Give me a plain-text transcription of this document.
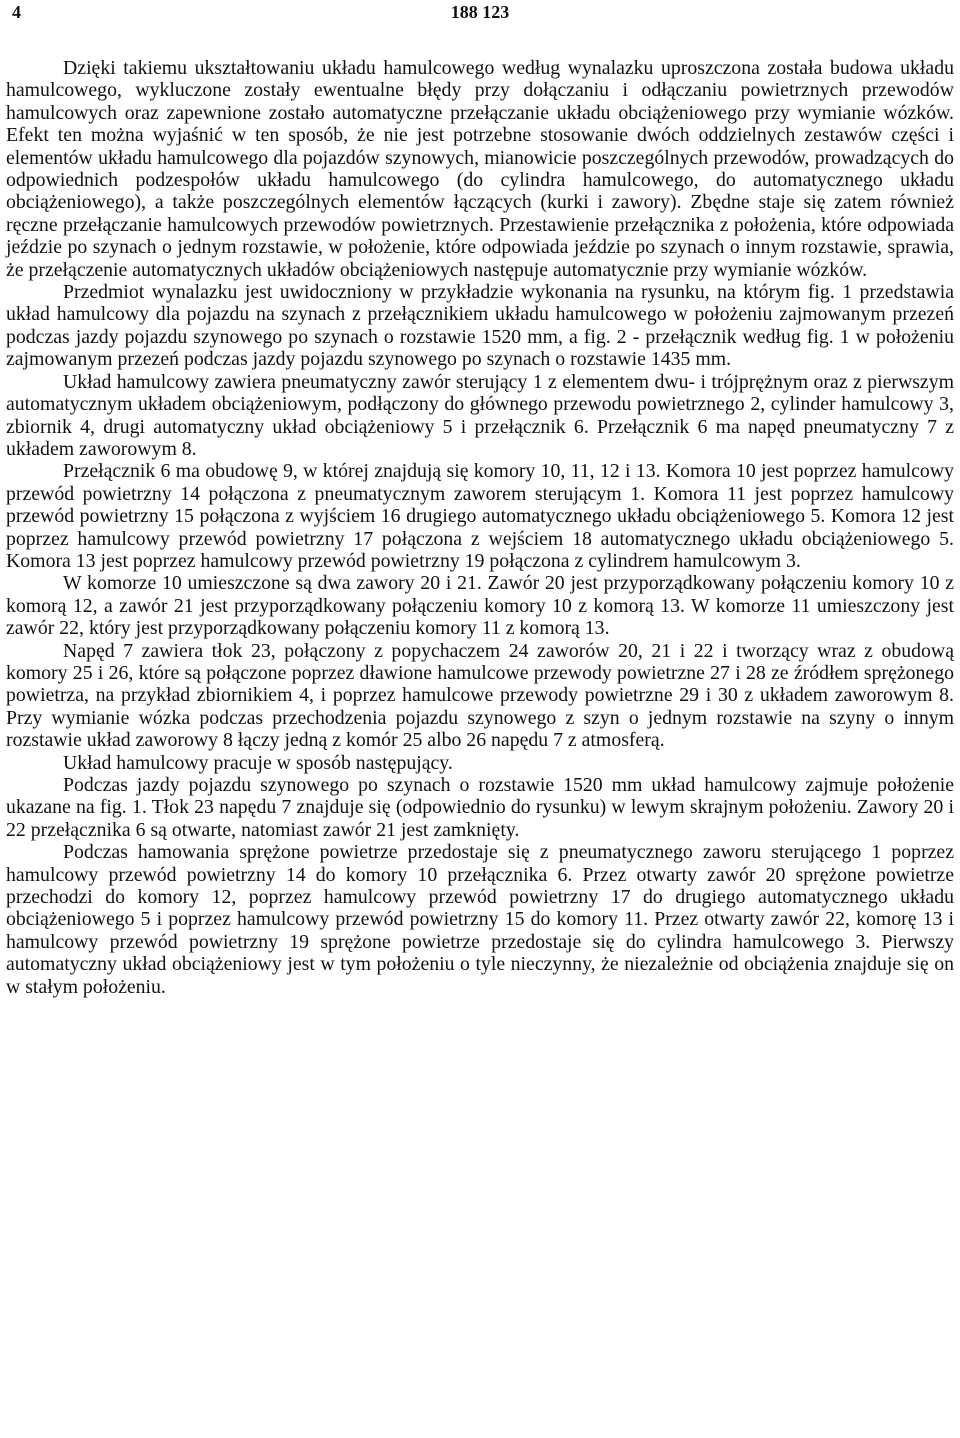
4	188 123

Dzięki takiemu ukształtowaniu układu hamulcowego według wynalazku uproszczona została budowa układu hamulcowego, wykluczone zostały ewentualne błędy przy dołączaniu i odłączaniu powietrznych przewodów hamulcowych oraz zapewnione zostało automatyczne przełączanie układu obciążeniowego przy wymianie wózków. Efekt ten można wyjaśnić w ten sposób, że nie jest potrzebne stosowanie dwóch oddzielnych zestawów części i elementów układu hamulcowego dla pojazdów szynowych, mianowicie poszczególnych przewodów, prowadzących do odpowiednich podzespołów układu hamulcowego (do cylindra hamulcowego, do automatycznego układu obciążeniowego), a także poszczególnych elementów łączących (kurki i zawory). Zbędne staje się zatem również ręczne przełączanie hamulcowych przewodów powietrznych. Przestawienie przełącznika z położenia, które odpowiada jeździe po szynach o jednym rozstawie, w położenie, które odpowiada jeździe po szynach o innym rozstawie, sprawia, że przełączenie automatycznych układów obciążeniowych następuje automatycznie przy wymianie wózków.

Przedmiot wynalazku jest uwidoczniony w przykładzie wykonania na rysunku, na którym fig. 1 przedstawia układ hamulcowy dla pojazdu na szynach z przełącznikiem układu hamulcowego w położeniu zajmowanym przezeń podczas jazdy pojazdu szynowego po szynach o rozstawie 1520 mm, a fig. 2 - przełącznik według fig. 1 w położeniu zajmowanym przezeń podczas jazdy pojazdu szynowego po szynach o rozstawie 1435 mm.

Układ hamulcowy zawiera pneumatyczny zawór sterujący 1 z elementem dwu- i trójprężnym oraz z pierwszym automatycznym układem obciążeniowym, podłączony do głównego przewodu powietrznego 2, cylinder hamulcowy 3, zbiornik 4, drugi automatyczny układ obciążeniowy 5 i przełącznik 6. Przełącznik 6 ma napęd pneumatyczny 7 z układem zaworowym 8.

Przełącznik 6 ma obudowę 9, w której znajdują się komory 10, 11, 12 i 13. Komora 10 jest poprzez hamulcowy przewód powietrzny 14 połączona z pneumatycznym zaworem sterującym 1. Komora 11 jest poprzez hamulcowy przewód powietrzny 15 połączona z wyjściem 16 drugiego automatycznego układu obciążeniowego 5. Komora 12 jest poprzez hamulcowy przewód powietrzny 17 połączona z wejściem 18 automatycznego układu obciążeniowego 5. Komora 13 jest poprzez hamulcowy przewód powietrzny 19 połączona z cylindrem hamulcowym 3.

W komorze 10 umieszczone są dwa zawory 20 i 21. Zawór 20 jest przyporządkowany połączeniu komory 10 z komorą 12, a zawór 21 jest przyporządkowany połączeniu komory 10 z komorą 13. W komorze 11 umieszczony jest zawór 22, który jest przyporządkowany połączeniu komory 11 z komorą 13.

Napęd 7 zawiera tłok 23, połączony z popychaczem 24 zaworów 20, 21 i 22 i tworzący wraz z obudową komory 25 i 26, które są połączone poprzez dławione hamulcowe przewody powietrzne 27 i 28 ze źródłem sprężonego powietrza, na przykład zbiornikiem 4, i poprzez hamulcowe przewody powietrzne 29 i 30 z układem zaworowym 8. Przy wymianie wózka podczas przechodzenia pojazdu szynowego z szyn o jednym rozstawie na szyny o innym rozstawie układ zaworowy 8 łączy jedną z komór 25 albo 26 napędu 7 z atmosferą.

Układ hamulcowy pracuje w sposób następujący.

Podczas jazdy pojazdu szynowego po szynach o rozstawie 1520 mm układ hamulcowy zajmuje położenie ukazane na fig. 1. Tłok 23 napędu 7 znajduje się (odpowiednio do rysunku) w lewym skrajnym położeniu. Zawory 20 i 22 przełącznika 6 są otwarte, natomiast zawór 21 jest zamknięty.

Podczas hamowania sprężone powietrze przedostaje się z pneumatycznego zaworu sterującego 1 poprzez hamulcowy przewód powietrzny 14 do komory 10 przełącznika 6. Przez otwarty zawór 20 sprężone powietrze przechodzi do komory 12, poprzez hamulcowy przewód powietrzny 17 do drugiego automatycznego układu obciążeniowego 5 i poprzez hamulcowy przewód powietrzny 15 do komory 11. Przez otwarty zawór 22, komorę 13 i hamulcowy przewód powietrzny 19 sprężone powietrze przedostaje się do cylindra hamulcowego 3. Pierwszy automatyczny układ obciążeniowy jest w tym położeniu o tyle nieczynny, że niezależnie od obciążenia znajduje się on w stałym położeniu.
